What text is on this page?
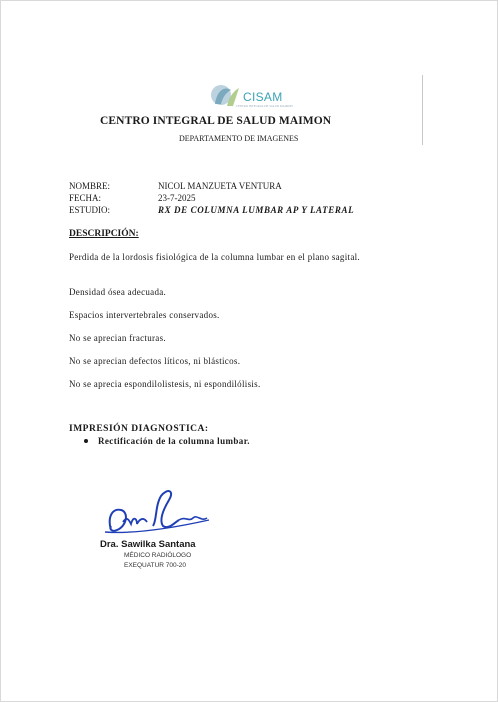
CISAM
CENTRO INTEGRAL DE SALUD MAIMON
CENTRO INTEGRAL DE SALUD MAIMON
DEPARTAMENTO DE IMAGENES
NOMBRE:	NICOL MANZUETA VENTURA
FECHA:	23-7-2025
ESTUDIO:	RX DE COLUMNA LUMBAR AP Y LATERAL
DESCRIPCIÓN:
Perdida de la lordosis fisiológica de la columna lumbar en el plano sagital.
Densidad ósea adecuada.
Espacios intervertebrales conservados.
No se aprecian fracturas.
No se aprecian defectos líticos, ni blásticos.
No se aprecia espondilolistesis, ni espondilólisis.
IMPRESIÓN DIAGNOSTICA:
Rectificación de la columna lumbar.
Dra. Sawilka Santana
MÉDICO RADIÓLOGO
EXEQUATUR 700-20
